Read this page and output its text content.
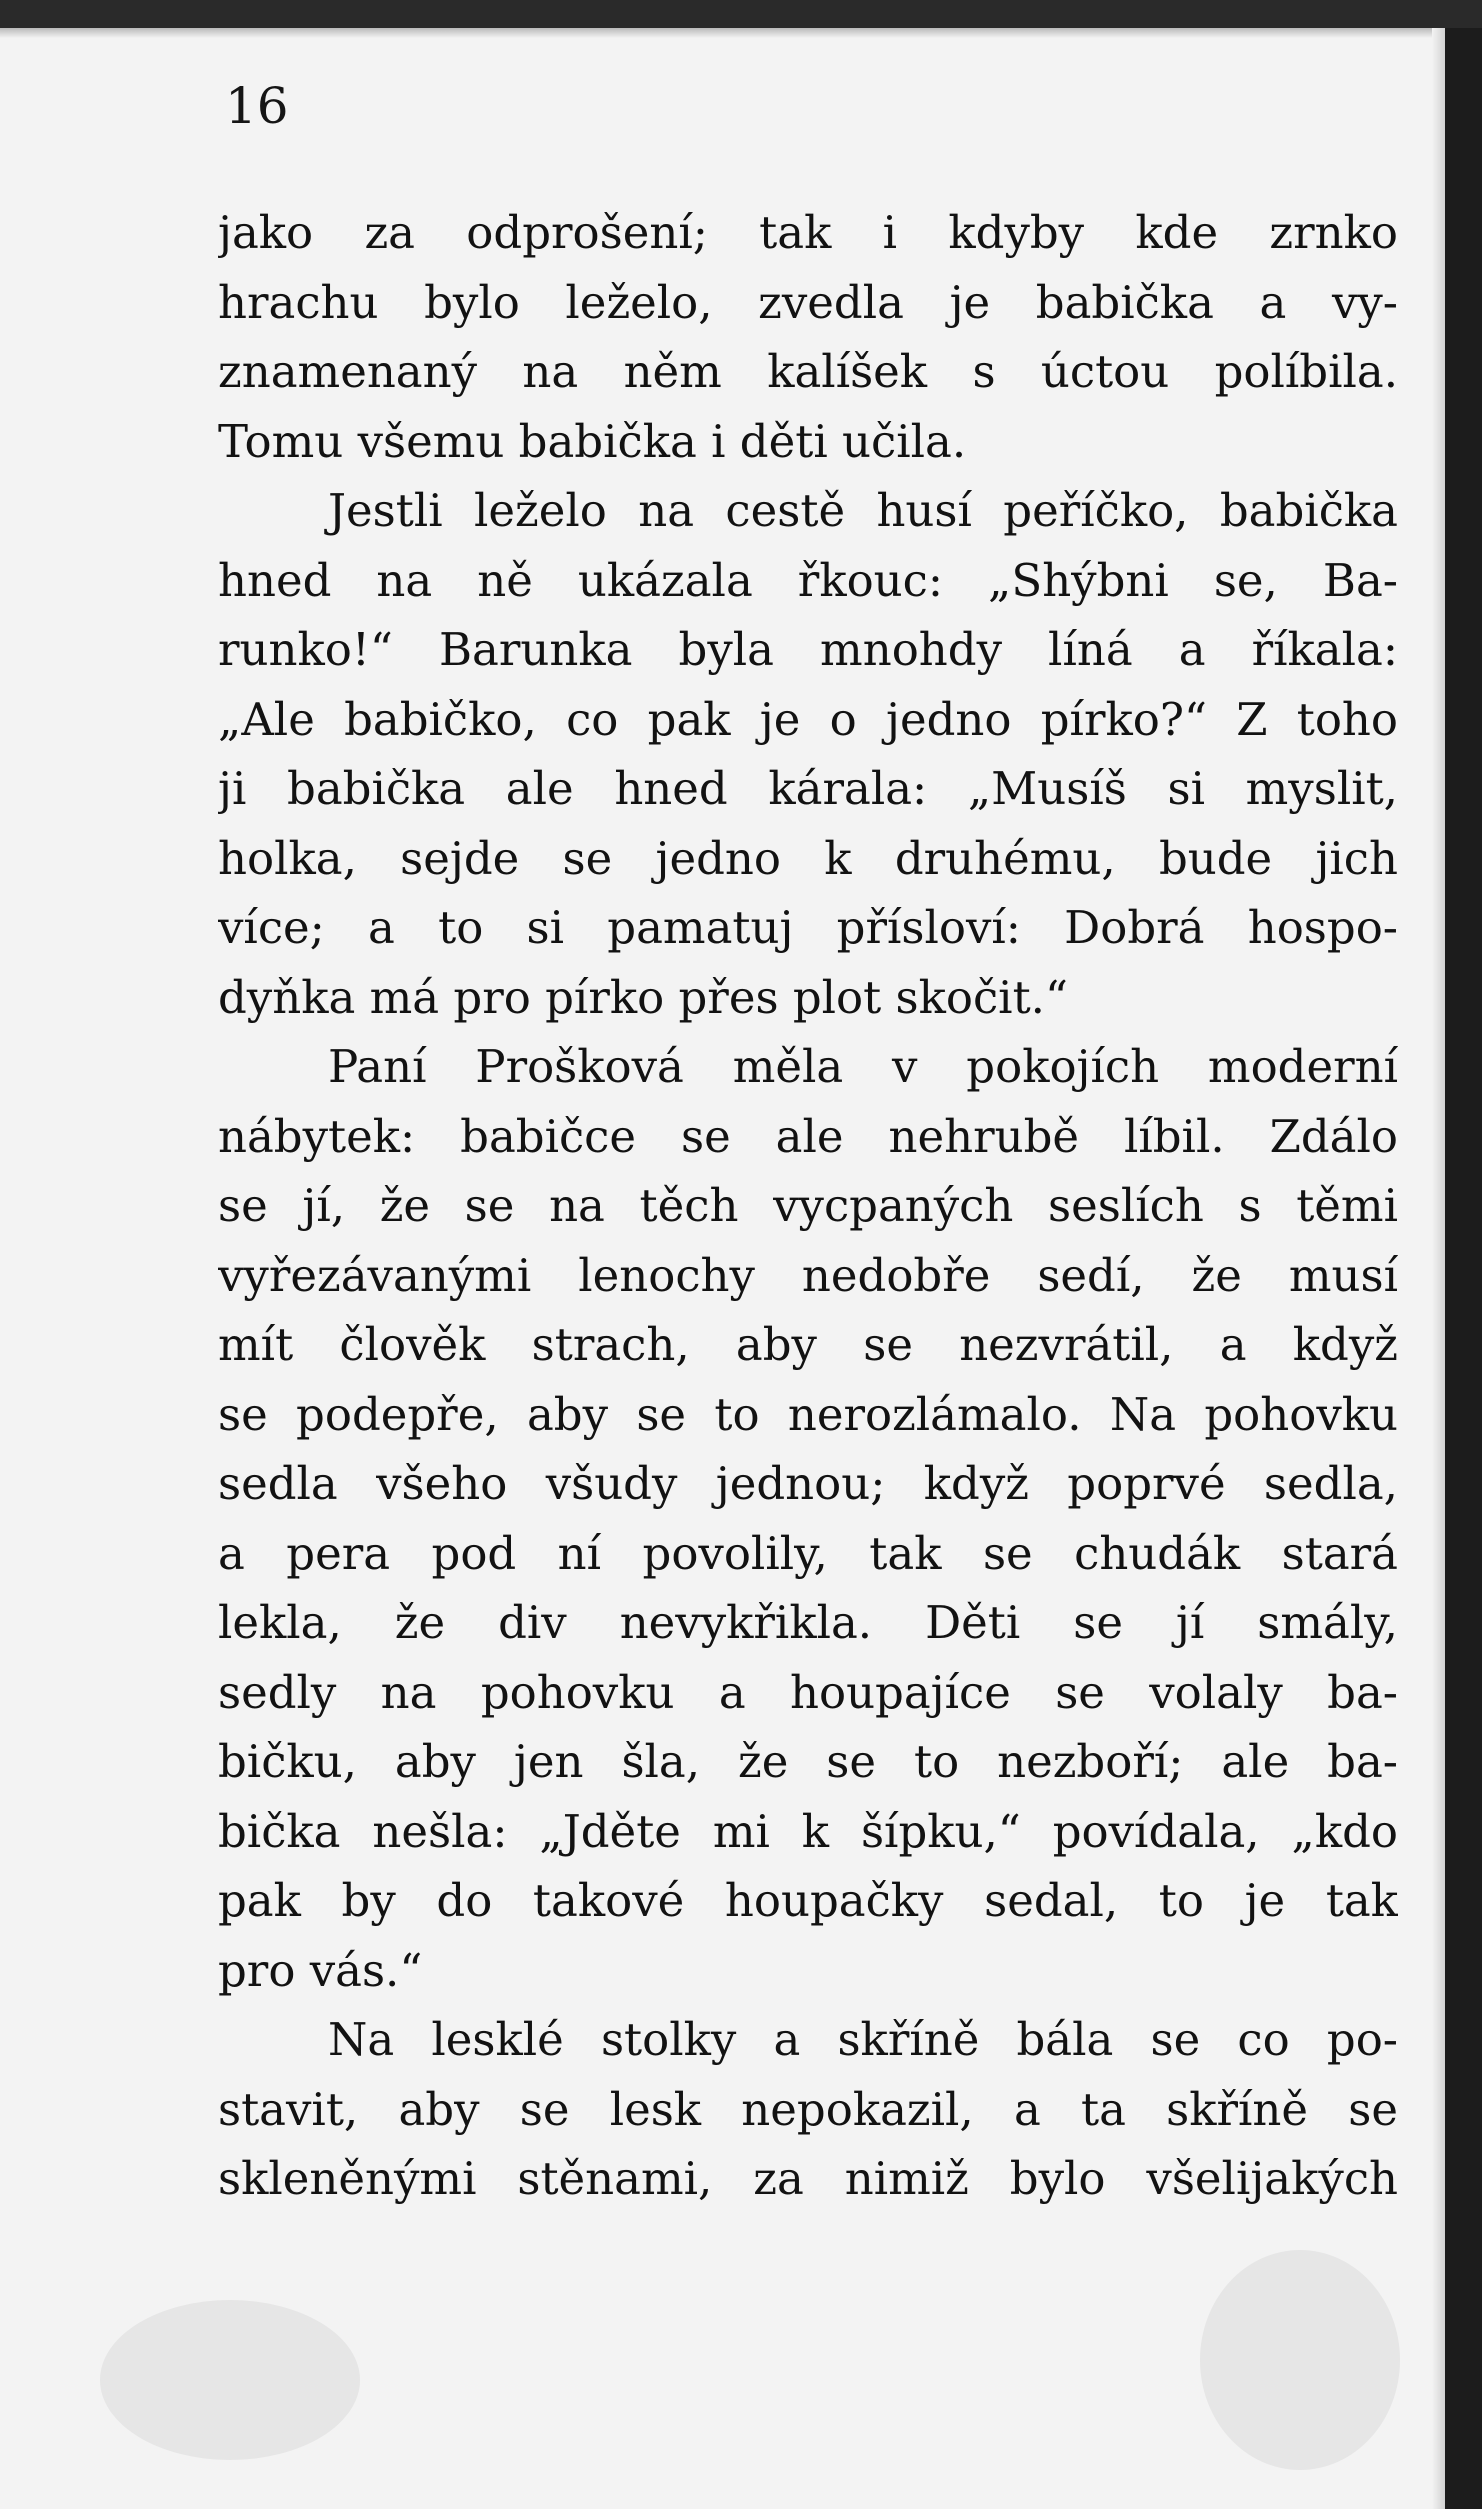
16
jako za odprošení; tak i kdyby kde zrnko
hrachu bylo leželo, zvedla je babička a vy-
znamenaný na něm kalíšek s úctou políbila.
Tomu všemu babička i děti učila.
Jestli leželo na cestě husí peříčko, babička
hned na ně ukázala řkouc: „Shýbni se, Ba-
runko!“ Barunka byla mnohdy líná a říkala:
„Ale babičko, co pak je o jedno pírko?“ Z toho
ji babička ale hned kárala: „Musíš si myslit,
holka, sejde se jedno k druhému, bude jich
více; a to si pamatuj přísloví: Dobrá hospo-
dyňka má pro pírko přes plot skočit.“
Paní Prošková měla v pokojích moderní
nábytek: babičce se ale nehrubě líbil. Zdálo
se jí, že se na těch vycpaných seslích s těmi
vyřezávanými lenochy nedobře sedí, že musí
mít člověk strach, aby se nezvrátil, a když
se podepře, aby se to nerozlámalo. Na pohovku
sedla všeho všudy jednou; když poprvé sedla,
a pera pod ní povolily, tak se chudák stará
lekla, že div nevykřikla. Děti se jí smály,
sedly na pohovku a houpajíce se volaly ba-
bičku, aby jen šla, že se to nezboří; ale ba-
bička nešla: „Jděte mi k šípku,“ povídala, „kdo
pak by do takové houpačky sedal, to je tak
pro vás.“
Na lesklé stolky a skříně bála se co po-
stavit, aby se lesk nepokazil, a ta skříně se
skleněnými stěnami, za nimiž bylo všelijakých
